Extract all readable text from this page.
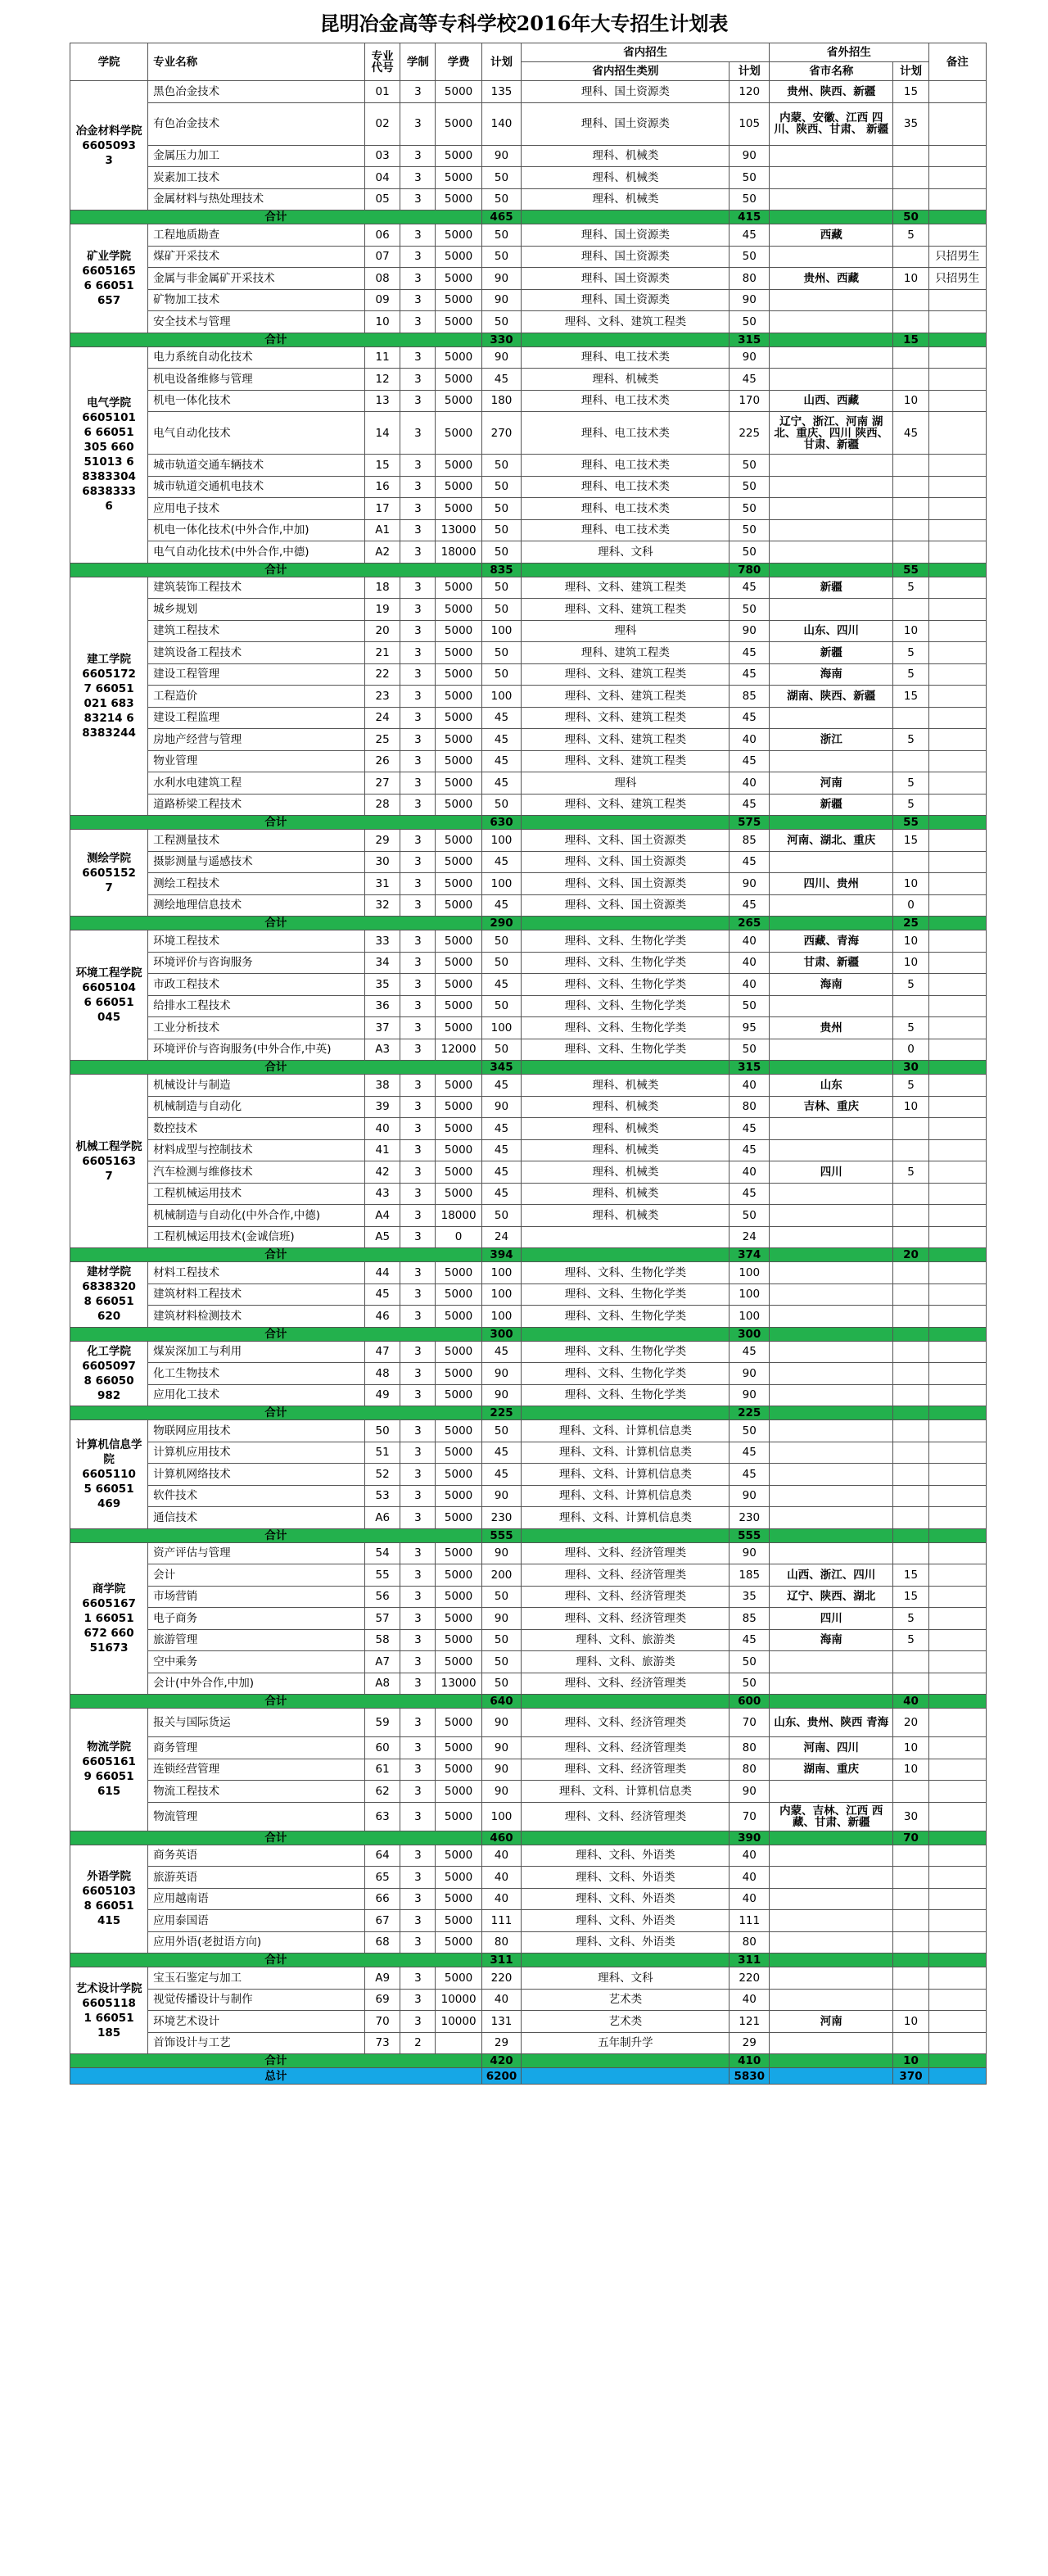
昆明冶金高等专科学校2016年大专招生计划表
学院	专业名称	专业代号	学制	学费	计划	省内招生		省外招生		备注
						省内招生类别	计划	省市名称	计划	

冶金材料学院
66050933	黑色冶金技术	01	3	5000	135	理科、国土资源类	120	贵州、陕西、新疆	15	
	有色冶金技术	02	3	5000	140	理科、国土资源类	105	内蒙、安徽、江西 四川、陕西、甘肃、 新疆	35	
	金属压力加工	03	3	5000	90	理科、机械类	90			
	炭素加工技术	04	3	5000	50	理科、机械类	50			
	金属材料与热处理技术	05	3	5000	50	理科、机械类	50			
合计					465		415		50	

矿业学院
66051656 66051657	工程地质勘查	06	3	5000	50	理科、国土资源类	45	西藏	5	
	煤矿开采技术	07	3	5000	50	理科、国土资源类	50			只招男生
	金属与非金属矿开采技术	08	3	5000	90	理科、国土资源类	80	贵州、西藏	10	只招男生
	矿物加工技术	09	3	5000	90	理科、国土资源类	90			
	安全技术与管理	10	3	5000	50	理科、文科、建筑工程类	50			
合计					330		315		15	

电气学院
66051016 66051305 66051013 68383304 68383336	电力系统自动化技术	11	3	5000	90	理科、电工技术类	90			
	机电设备维修与管理	12	3	5000	45	理科、机械类	45			
	机电一体化技术	13	3	5000	180	理科、电工技术类	170	山西、西藏	10	
	电气自动化技术	14	3	5000	270	理科、电工技术类	225	辽宁、浙江、河南 湖北、重庆、四川 陕西、甘肃、新疆	45	
	城市轨道交通车辆技术	15	3	5000	50	理科、电工技术类	50			
	城市轨道交通机电技术	16	3	5000	50	理科、电工技术类	50			
	应用电子技术	17	3	5000	50	理科、电工技术类	50			
	机电一体化技术(中外合作,中加)	A1	3	13000	50	理科、电工技术类	50			
	电气自动化技术(中外合作,中德)	A2	3	18000	50	理科、文科	50			
合计					835		780		55	

建工学院
66051727 66051021 68383214 68383244	建筑装饰工程技术	18	3	5000	50	理科、文科、建筑工程类	45	新疆	5	
	城乡规划	19	3	5000	50	理科、文科、建筑工程类	50			
	建筑工程技术	20	3	5000	100	理科	90	山东、四川	10	
	建筑设备工程技术	21	3	5000	50	理科、建筑工程类	45	新疆	5	
	建设工程管理	22	3	5000	50	理科、文科、建筑工程类	45	海南	5	
	工程造价	23	3	5000	100	理科、文科、建筑工程类	85	湖南、陕西、新疆	15	
	建设工程监理	24	3	5000	45	理科、文科、建筑工程类	45			
	房地产经营与管理	25	3	5000	45	理科、文科、建筑工程类	40	浙江	5	
	物业管理	26	3	5000	45	理科、文科、建筑工程类	45			
	水利水电建筑工程	27	3	5000	45	理科	40	河南	5	
	道路桥梁工程技术	28	3	5000	50	理科、文科、建筑工程类	45	新疆	5	
合计					630		575		55	

测绘学院
66051527	工程测量技术	29	3	5000	100	理科、文科、国土资源类	85	河南、湖北、重庆	15	
	摄影测量与遥感技术	30	3	5000	45	理科、文科、国土资源类	45			
	测绘工程技术	31	3	5000	100	理科、文科、国土资源类	90	四川、贵州	10	
	测绘地理信息技术	32	3	5000	45	理科、文科、国土资源类	45		0	
合计					290		265		25	

环境工程学院
66051046 66051045	环境工程技术	33	3	5000	50	理科、文科、生物化学类	40	西藏、青海	10	
	环境评价与咨询服务	34	3	5000	50	理科、文科、生物化学类	40	甘肃、新疆	10	
	市政工程技术	35	3	5000	45	理科、文科、生物化学类	40	海南	5	
	给排水工程技术	36	3	5000	50	理科、文科、生物化学类	50			
	工业分析技术	37	3	5000	100	理科、文科、生物化学类	95	贵州	5	
	环境评价与咨询服务(中外合作,中英)	A3	3	12000	50	理科、文科、生物化学类	50		0	
合计					345		315		30	

机械工程学院
66051637	机械设计与制造	38	3	5000	45	理科、机械类	40	山东	5	
	机械制造与自动化	39	3	5000	90	理科、机械类	80	吉林、重庆	10	
	数控技术	40	3	5000	45	理科、机械类	45			
	材料成型与控制技术	41	3	5000	45	理科、机械类	45			
	汽车检测与维修技术	42	3	5000	45	理科、机械类	40	四川	5	
	工程机械运用技术	43	3	5000	45	理科、机械类	45			
	机械制造与自动化(中外合作,中德)	A4	3	18000	50	理科、机械类	50			
	工程机械运用技术(金诚信班)	A5	3	0	24		24			
合计					394		374		20	

建材学院
68383208 66051620	材料工程技术	44	3	5000	100	理科、文科、生物化学类	100			
	建筑材料工程技术	45	3	5000	100	理科、文科、生物化学类	100			
	建筑材料检测技术	46	3	5000	100	理科、文科、生物化学类	100			
合计					300		300			

化工学院
66050978 66050982	煤炭深加工与利用	47	3	5000	45	理科、文科、生物化学类	45			
	化工生物技术	48	3	5000	90	理科、文科、生物化学类	90			
	应用化工技术	49	3	5000	90	理科、文科、生物化学类	90			
合计					225		225			

计算机信息学院
66051105 66051469	物联网应用技术	50	3	5000	50	理科、文科、计算机信息类	50			
	计算机应用技术	51	3	5000	45	理科、文科、计算机信息类	45			
	计算机网络技术	52	3	5000	45	理科、文科、计算机信息类	45			
	软件技术	53	3	5000	90	理科、文科、计算机信息类	90			
	通信技术	A6	3	5000	230	理科、文科、计算机信息类	230			
合计					555		555			

商学院
66051671 66051672 66051673	资产评估与管理	54	3	5000	90	理科、文科、经济管理类	90			
	会计	55	3	5000	200	理科、文科、经济管理类	185	山西、浙江、四川	15	
	市场营销	56	3	5000	50	理科、文科、经济管理类	35	辽宁、陕西、湖北	15	
	电子商务	57	3	5000	90	理科、文科、经济管理类	85	四川	5	
	旅游管理	58	3	5000	50	理科、文科、旅游类	45	海南	5	
	空中乘务	A7	3	5000	50	理科、文科、旅游类	50			
	会计(中外合作,中加)	A8	3	13000	50	理科、文科、经济管理类	50			
合计					640		600		40	

物流学院
66051619 66051615	报关与国际货运	59	3	5000	90	理科、文科、经济管理类	70	山东、贵州、陕西 青海	20	
	商务管理	60	3	5000	90	理科、文科、经济管理类	80	河南、四川	10	
	连锁经营管理	61	3	5000	90	理科、文科、经济管理类	80	湖南、重庆	10	
	物流工程技术	62	3	5000	90	理科、文科、计算机信息类	90			
	物流管理	63	3	5000	100	理科、文科、经济管理类	70	内蒙、吉林、江西 西藏、甘肃、新疆	30	
合计					460		390		70	

外语学院
66051038 66051415	商务英语	64	3	5000	40	理科、文科、外语类	40			
	旅游英语	65	3	5000	40	理科、文科、外语类	40			
	应用越南语	66	3	5000	40	理科、文科、外语类	40			
	应用泰国语	67	3	5000	111	理科、文科、外语类	111			
	应用外语(老挝语方向)	68	3	5000	80	理科、文科、外语类	80			
合计					311		311			

艺术设计学院
66051181 66051185	宝玉石鉴定与加工	A9	3	5000	220	理科、文科	220			
	视觉传播设计与制作	69	3	10000	40	艺术类	40			
	环境艺术设计	70	3	10000	131	艺术类	121	河南	10	
	首饰设计与工艺	73	2		29	五年制升学	29			
合计					420		410		10	
总计					6200		5830		370	
